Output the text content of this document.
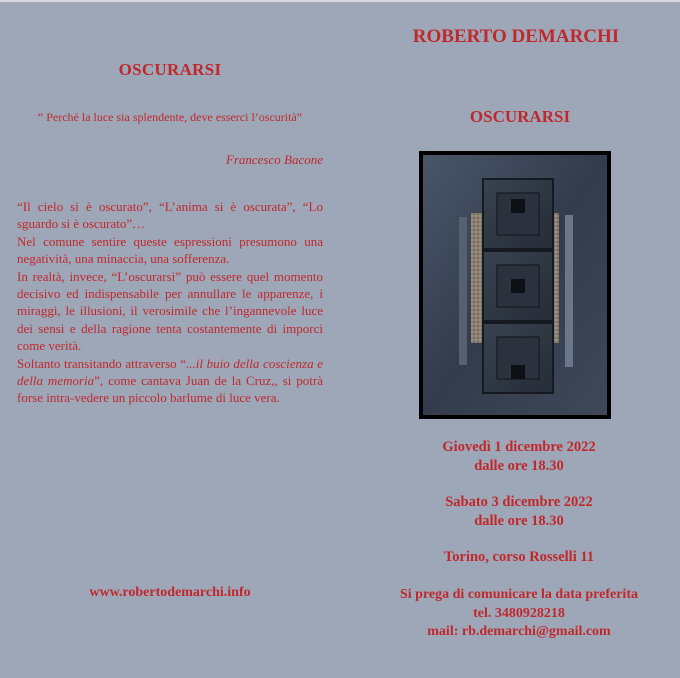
OSCURARSI
“ Perché la luce sia splendente, deve esserci l’oscurità”
Francesco Bacone

“Il cielo si è oscurato”, “L’anima si è oscurata”, “Lo sguardo si è oscurato”…

Nel comune sentire queste espressioni presumono una negatività, una minaccia, una sofferenza.

In realtà, invece, “L’oscurarsi” può essere quel momento decisivo ed indispensabile per annullare le apparenze, i miraggi, le illusioni, il verosimile che l’ingannevole luce dei sensi e della ragione tenta costantemente di imporci come verità.

Soltanto transitando attraverso “...il buio della coscienza e della memoria”, come cantava Juan de la Cruz,, si potrà forse intra-vedere un piccolo barlume di luce vera.

www.robertodemarchi.info
ROBERTO DEMARCHI
OSCURARSI
Giovedì 1 dicembre 2022
dalle ore 18.30
Sabato 3 dicembre 2022
dalle ore 18.30
Torino, corso Rosselli 11
Si prega di comunicare la data preferita
tel. 3480928218
mail: rb.demarchi@gmail.com
